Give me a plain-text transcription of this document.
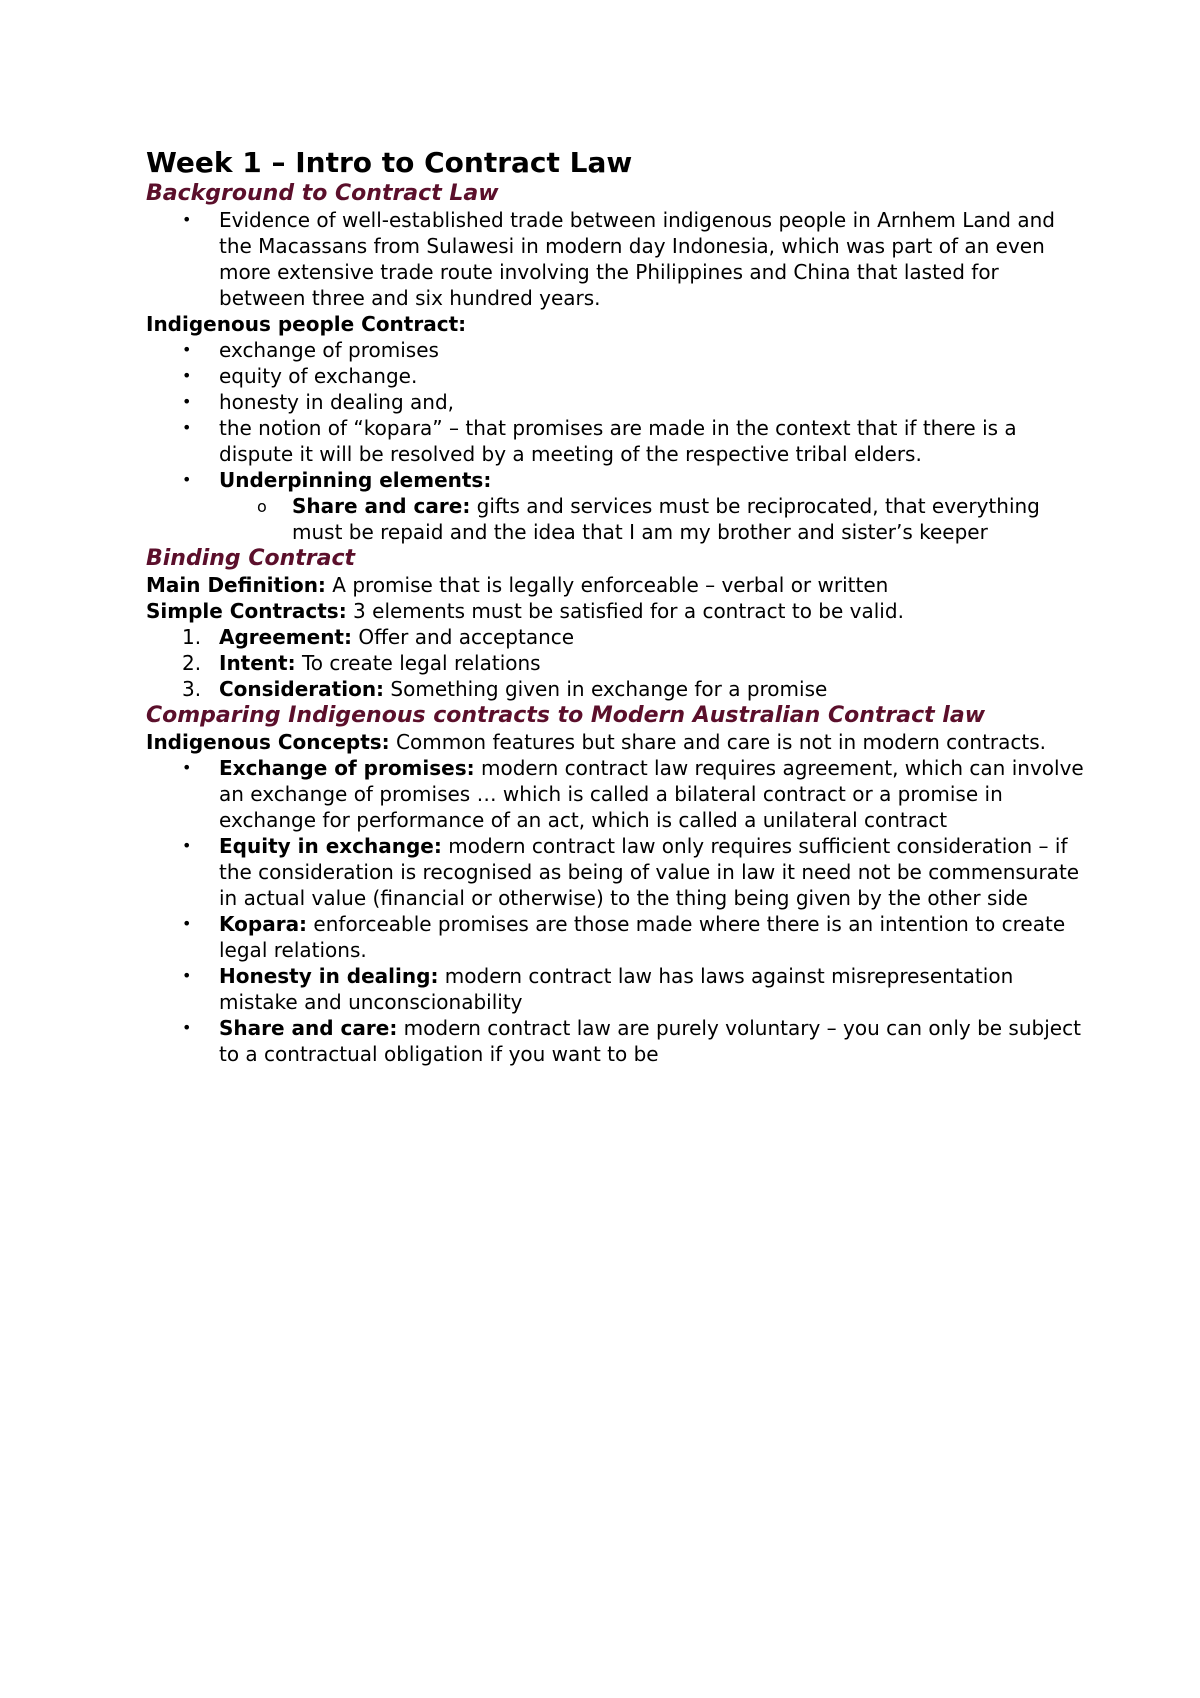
Week 1 – Intro to Contract Law
Background to Contract Law
•	Evidence of well-established trade between indigenous people in Arnhem Land and the Macassans from Sulawesi in modern day Indonesia, which was part of an even more extensive trade route involving the Philippines and China that lasted for between three and six hundred years.

Indigenous people Contract:

•	exchange of promises
•	equity of exchange.
•	honesty in dealing and,
•	the notion of “kopara” – that promises are made in the context that if there is a dispute it will be resolved by a meeting of the respective tribal elders.
•	Underpinning elements:
o Share and care: gifts and services must be reciprocated, that everything must be repaid and the idea that I am my brother and sister’s keeper
Binding Contract

Main Definition: A promise that is legally enforceable – verbal or written

Simple Contracts: 3 elements must be satisfied for a contract to be valid.

1. Agreement: Offer and acceptance
2. Intent: To create legal relations
3. Consideration: Something given in exchange for a promise
Comparing Indigenous contracts to Modern Australian Contract law

Indigenous Concepts: Common features but share and care is not in modern contracts.

•	Exchange of promises: modern contract law requires agreement, which can involve an exchange of promises … which is called a bilateral contract or a promise in exchange for performance of an act, which is called a unilateral contract
•	Equity in exchange: modern contract law only requires sufficient consideration – if the consideration is recognised as being of value in law it need not be commensurate in actual value (financial or otherwise) to the thing being given by the other side
•	Kopara: enforceable promises are those made where there is an intention to create legal relations.
•	Honesty in dealing: modern contract law has laws against misrepresentation mistake and unconscionability
•	Share and care: modern contract law are purely voluntary – you can only be subject to a contractual obligation if you want to be
